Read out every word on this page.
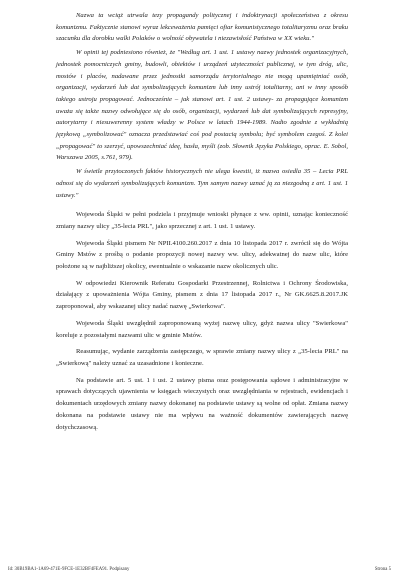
Nazwa ta wciąż utrwala tezy propagandy politycznej i indoktrynacji społeczeństwa z okresu komunizmu. Faktycznie stanowi wyraz lekceważenia pamięci ofiar komunistycznego totalitaryzmu oraz braku szacunku dla dorobku walki Polaków o wolność obywatela i niezawisłość Państwa w XX wieku."

W opinii tej podniesiono również, że "Według art. 1 ust. 1 ustawy nazwy jednostek organizacyjnych, jednostek pomocniczych gminy, budowli, obiektów i urządzeń użyteczności publicznej, w tym dróg, ulic, mostów i placów, nadawane przez jednostki samorządu terytorialnego nie mogą upamiętniać osób, organizacji, wydarzeń lub dat symbolizujących komunizm lub inny ustrój totalitarny, ani w inny sposób takiego ustroju propagować. Jednocześnie – jak stanowi art. 1 ust. 2 ustawy- za propagujące komunizm uważa się także nazwy odwołujące się do osób, organizacji, wydarzeń lub dat symbolizujących represyjny, autorytarny i niesuwerenny system władzy w Polsce w latach 1944-1989. Nadto zgodnie z wykładnią językową „symbolizować" oznacza przedstawiać coś pod postacią symbolu; być symbolem czegoś. Z kolei „propagować" to szerzyć, upowszechniać ideę, hasła, myśli (zob. Słownik Języka Polskiego, oprac. E. Sobol, Warszawa 2005, s.761, 979).

W świetle przytoczonych faktów historycznych nie ulega kwestii, iż nazwa osiedla 35 – Lecia PRL odnosi się do wydarzeń symbolizujących komunizm. Tym samym nazwy uznać ją za niezgodną z art. 1 ust. 1 ustawy."

Wojewoda Śląski w pełni podziela i przyjmuje wnioski płynące z ww. opinii, uznając konieczność zmiany nazwy ulicy „35-lecia PRL", jako sprzecznej z art. 1 ust. 1 ustawy.

Wojewoda Śląski pismem Nr NPII.4100.260.2017 z dnia 10 listopada 2017 r. zwrócił się do Wójta Gminy Mstów z prośbą o podanie propozycji nowej nazwy ww. ulicy, adekwatnej do nazw ulic, które położone są w najbliższej okolicy, ewentualnie o wskazanie nazw okolicznych ulic.

W odpowiedzi Kierownik Referatu Gospodarki Przestrzennej, Rolnictwa i Ochrony Środowiska, działający z upoważnienia Wójta Gminy, pismem z dnia 17 listopada 2017 r., Nr GK.6625.8.2017.JK zaproponował, aby wskazanej ulicy nadać nazwę „Swierkowa".

Wojewoda Śląski uwzględnił zaproponowaną wyżej nazwę ulicy, gdyż nazwa ulicy "Swierkowa" koreluje z pozostałymi nazwami ulic w gminie Mstów.

Reasumując, wydanie zarządzenia zastępczego, w sprawie zmiany nazwy ulicy z „35-lecia PRL" na „Swierkową" należy uznać za uzasadnione i konieczne.

Na podstawie art. 5 ust. 1 i ust. 2 ustawy pisma oraz postępowania sądowe i administracyjne w sprawach dotyczących ujawnienia w księgach wieczystych oraz uwzględniania w rejestrach, ewidencjach i dokumentach urzędowych zmiany nazwy dokonanej na podstawie ustawy są wolne od opłat. Zmiana nazwy dokonana na podstawie ustawy nie ma wpływu na ważność dokumentów zawierających nazwę dotychczasową.

Id: 30B19BA1-1A69-471E-9FCE-1E32BF4FEA91. Podpisany	Strona 5
